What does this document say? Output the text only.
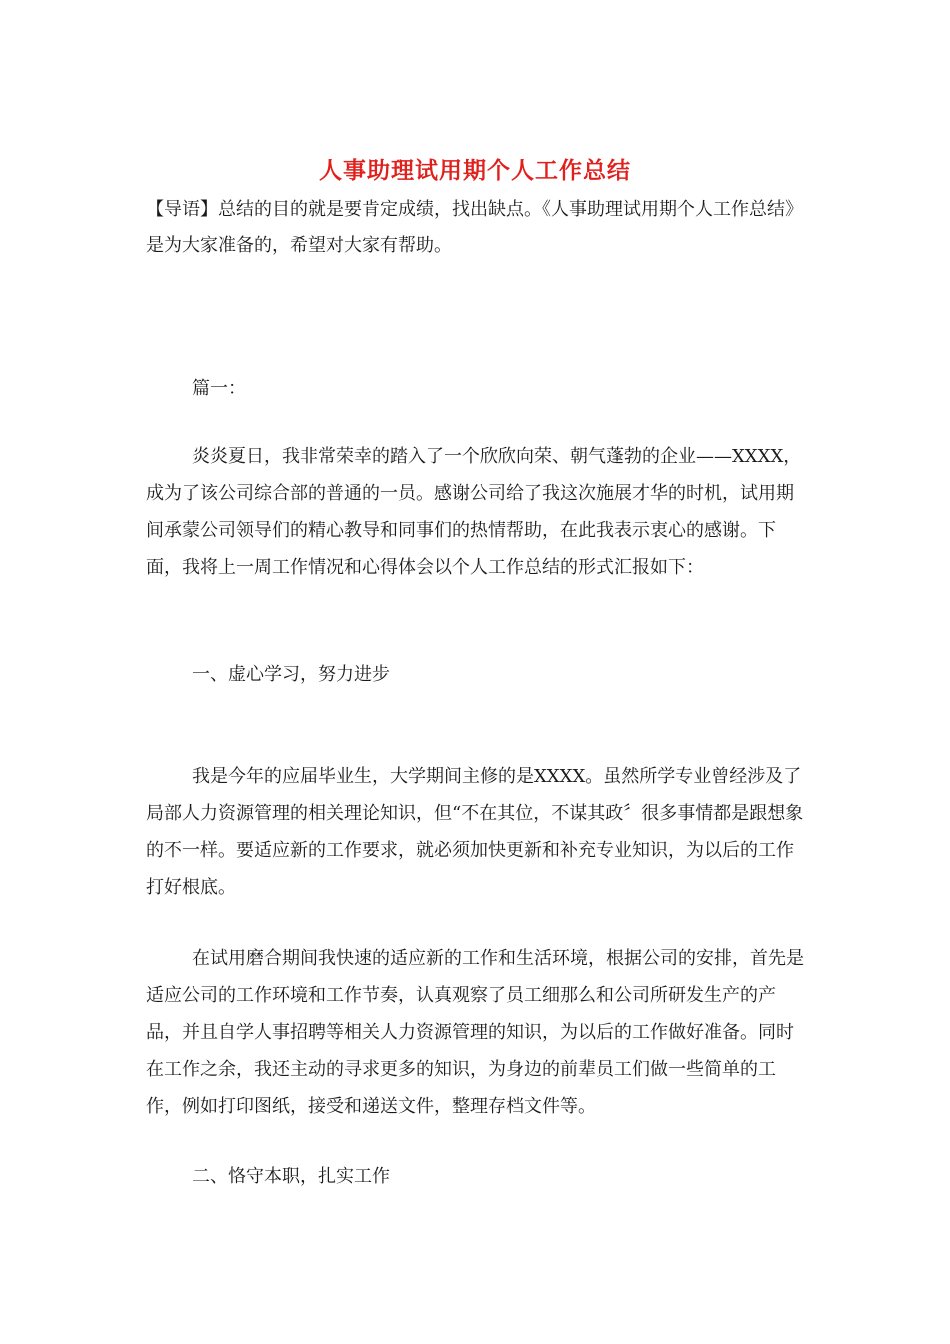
人事助理试用期个人工作总结

【导语】总结的目的就是要肯定成绩，找出缺点。《人事助理试用期个人工作总结》是为大家准备的，希望对大家有帮助。

篇一：

炎炎夏日，我非常荣幸的踏入了一个欣欣向荣、朝气蓬勃的企业——XXXX，成为了该公司综合部的普通的一员。感谢公司给了我这次施展才华的时机，试用期间承蒙公司领导们的精心教导和同事们的热情帮助，在此我表示衷心的感谢。下面，我将上一周工作情况和心得体会以个人工作总结的形式汇报如下：

一、虚心学习，努力进步

我是今年的应届毕业生，大学期间主修的是XXXX。虽然所学专业曾经涉及了局部人力资源管理的相关理论知识，但“不在其位，不谋其政〞很多事情都是跟想象的不一样。要适应新的工作要求，就必须加快更新和补充专业知识，为以后的工作打好根底。

在试用磨合期间我快速的适应新的工作和生活环境，根据公司的安排，首先是适应公司的工作环境和工作节奏，认真观察了员工细那么和公司所研发生产的产品，并且自学人事招聘等相关人力资源管理的知识，为以后的工作做好准备。同时在工作之余，我还主动的寻求更多的知识，为身边的前辈员工们做一些简单的工作，例如打印图纸，接受和递送文件，整理存档文件等。

二、恪守本职，扎实工作
